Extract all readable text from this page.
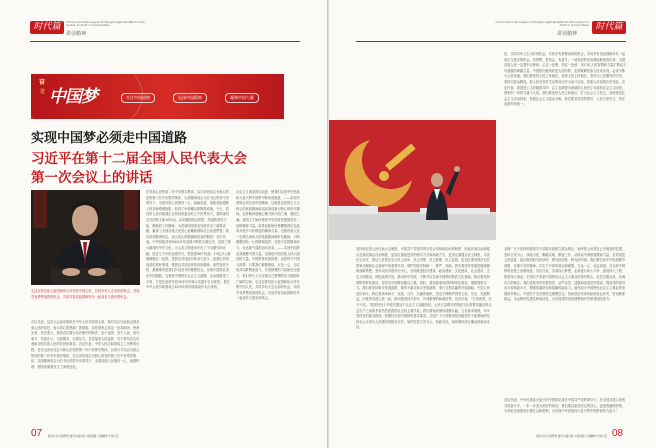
时代篇	Communist Youth League of Chengdu eight-benefits function (Liaison to Youth in Communities)
讲话精神
奋
进 中国梦	关注中国道路	弘扬中国精神	凝聚中国力量
实现中国梦必须走中国道路
习近平在第十二届全国人民代表大会
第一次会议上的讲话
生活在我们伟大祖国和伟大时代的中国人民，共同享有人生出彩的机会，共同享有梦想成真的机会，共同享有同祖国和时代一起成长与进步的机会。
各位代表，这次大会选举我担任中华人民共和国主席，我对各位代表和全国各族人民的信任，表示衷心的感谢！我深知，担任国家主席这一崇高职务，使命光荣、责任重大。我将忠实履行宪法赋予的职责，忠于祖国、忠于人民，恪尽职守、夙夜在公，为民服务、为国尽力，自觉接受人民监督，决不辜负各位代表和全国各族人民的信任和重托。各位代表，中华人民共和国成立了光辉的历程。在以毛泽东同志为核心的党的第一代中央领导集体，以邓小平同志为核心的党的第二代中央领导集体，以江泽民同志为核心的党的第三代中央领导集体，以胡锦涛同志为总书记的党中央领导下，全国各族人民团结一心、顽强拼搏，使国家面貌发生了深刻变化。
在党和人民的第二代中央领导集体，以江泽民同志为核心的党的第三代中央领导集体，以胡锦涛同志为总书记的党中央领导下，全国各族人民团结一心、砥砺奋进，战胜前进道路上的各种艰难险阻，取得了举世瞩目的辉煌成就。今天，我们的人民共和国正以昂扬的姿态屹立于世界东方。胡锦涛同志任国家主席10年间，以卓越的政治智慧、高超的领导才能、勤勉的工作精神，为党和国家事业发展作出了重要贡献，赢得了全国各族人民衷心爱戴和国际社会高度赞誉。我们向胡锦涛同志，表示衷心的感谢和崇高的敬意！各位代表，中华民族具有5000多年连绵不断的文明历史，创造了博大精深的中华文化，为人类文明进步作出了不可磨灭的贡献。经过几千年的沧桑岁月，把我国56个民族、13亿多人紧紧凝聚在一起的，是我们共同经历的非凡奋斗，是我们共同创造的美好家园，是我们共同培育的民族精神，而贯穿其中的、最重要的是我们共同坚守的理想信念。实现中国梦必须走中国道路。这就是中国特色社会主义道路。这条道路来之不易，它是在改革开放30多年的伟大实践中走出来的，是在中华人民共和国成立60多年的持续探索中走出来的。
社会主义事业推向前进，使我们实现中华民族伟大复兴的中国梦不断向前推进。——实现中国梦必须弘扬中国精神。这就是以爱国主义为核心的民族精神和以改革创新为核心的时代精神。这种精神是凝心聚力的兴国之魂、强国之魂。爱国主义始终是把中华民族坚强团结在一起的精神力量，改革创新始终是鞭策我们在改革开放中与时俱进的精神力量。全国各族人民一定要弘扬伟大的民族精神和时代精神，不断增强团结一心的精神纽带、自强不息的精神动力，永远朝气蓬勃迈向未来。——实现中国梦必须凝聚中国力量。这就是中国各族人民大团结的力量。中国梦是民族的梦，也是每个中国人的梦。只要我们紧紧团结，万众一心，为实现共同梦想而奋斗，实现梦想的力量就无比强大，我们每个人为实现自己梦想的努力就拥有广阔的空间。生活在我们伟大祖国和伟大时代的中国人民，共同享有人生出彩的机会，共同享有梦想成真的机会，共同享有同祖国和时代一起成长与进步的机会。
07 服务社区中国梦想 建设幸福家园 中国道路 中国精神 中国力量
时代篇
Communist Youth League of Chengdu eight-benefits function (Liaison to Youth in Communities)
讲话精神
民，共同享有人生出彩的机会，共同享有梦想成真的机会，共同享有同祖国和时代一起成长与进步的机会。有梦想，有机会，有奋斗，一切美好的东西都能够创造出来。全国各族人民一定要牢记使命，心往一处想，劲往一处使，用13亿人的智慧和力量汇集起不可战胜的磅礴力量。中国梦归根到底是人民的梦，必须紧紧依靠人民来实现，必须不断为人民造福。我们要坚持人民主体地位，坚持人民主体地位，坚持为人民服务的宗旨，坚持走群众路线，把人民对美好生活的向往作为奋斗目标，依靠人民创造历史伟业。各位代表，我国是工人阶级领导的、以工农联盟为基础的人民民主专政的社会主义国家，国家的一切权力属于人民。我们要坚持人民主体地位，扩大社会主义民主，加快建设社会主义法治国家，发展社会主义政治文明。我们要坚持党的领导、人民当家作主、依法治国有机统一。
坚持和完善人民代表大会制度、中国共产党领导的多党合作和政治协商制度、民族区域自治制度以及基层群众自治制度，更加注重改进党的领导方式和执政方式，更加注重健全民主制度、丰富民主形式，保证人民依法实行民主选举、民主决策、民主管理、民主监督，更加注重发挥法治在国家治理和社会管理中的重要作用，维护国家法制统一、尊严、权威。我们要坚持发展是硬道理的战略思想，坚持以经济建设为中心，全面推进经济建设、政治建设、文化建设、社会建设、生态文明建设，深化改革开放，推动科学发展，不断夯实实现中国梦的物质文化基础。我们要坚持国防和军队建设，坚持走中国特色精兵之路。同时，要高度重视国防和军队建设，增强国防实力。我们要坚持和平发展道路，始终不渝走和平发展道路、奉行互利共赢的开放战略。中国人民爱好和平，我们将高举和平、发展、合作、共赢的旗帜，坚定不移维护国家主权、安全、发展利益，同世界各国人民一起，推动建设持久和平、共同繁荣的和谐世界。各位代表，“空谈误国，实干兴邦。”我国仍处于并将长期处于社会主义初级阶段，人民日益增长的物质文化需要同落后的社会生产之间的矛盾仍然是我国社会的主要矛盾，我们要始终保持清醒头脑，立足基本国情，牢牢坚持党的基本路线，把握好实现中国梦的基本要求。全国广大干部特别是各级领导干部要始终坚持全心全意为人民服务的根本宗旨，始终坚持立党为公、执政为民，始终保持清正廉洁的政治本色。
全国广大干部特别是领导干部要牢固树立群众观点，始终把人民放在心中最高的位置，坚持立党为公、执政为民，脚踏实地，勤奋工作，从群众中汲取智慧和力量，自觉接受人民监督，真正做到权为民所用、情为民所系、利为民所谋。我们要弘扬中华民族勤劳勇敢、自强不息的精神，以实干兴邦的意志和豪情，万众一心、众志成城，在实现中国梦的征程上奋勇前进。各位代表，实现伟大梦想，必须进行伟大斗争、建设伟大工程、推进伟大事业。中国共产党是中国特色社会主义事业的领导核心，处在总揽全局、协调各方的地位。我们党要坚持党要管党、从严治党，加强和改进党的建设，提高党的领导水平和执政水平，增强拒腐防变和抵御风险能力，始终成为中国特色社会主义事业的坚强领导核心。中国共产党员要坚定理想信念，发扬党的光荣传统和优良作风，密切联系群众，永远保持先进性和纯洁性，为实现党的崇高理想和历史使命团结奋斗。
各位代表，中华民族伟大复兴的中国梦必将在中国共产党的领导下，在全国各族人民的共同奋斗中，一步一步变为美好的现实！我们要以更加坚定的信心、更加饱满的热情，为夺取全面建成小康社会新胜利，为实现中华民族伟大复兴的中国梦而努力奋斗！
08
服务社区中国梦想 建设幸福家园 中国道路 中国精神 中国力量
